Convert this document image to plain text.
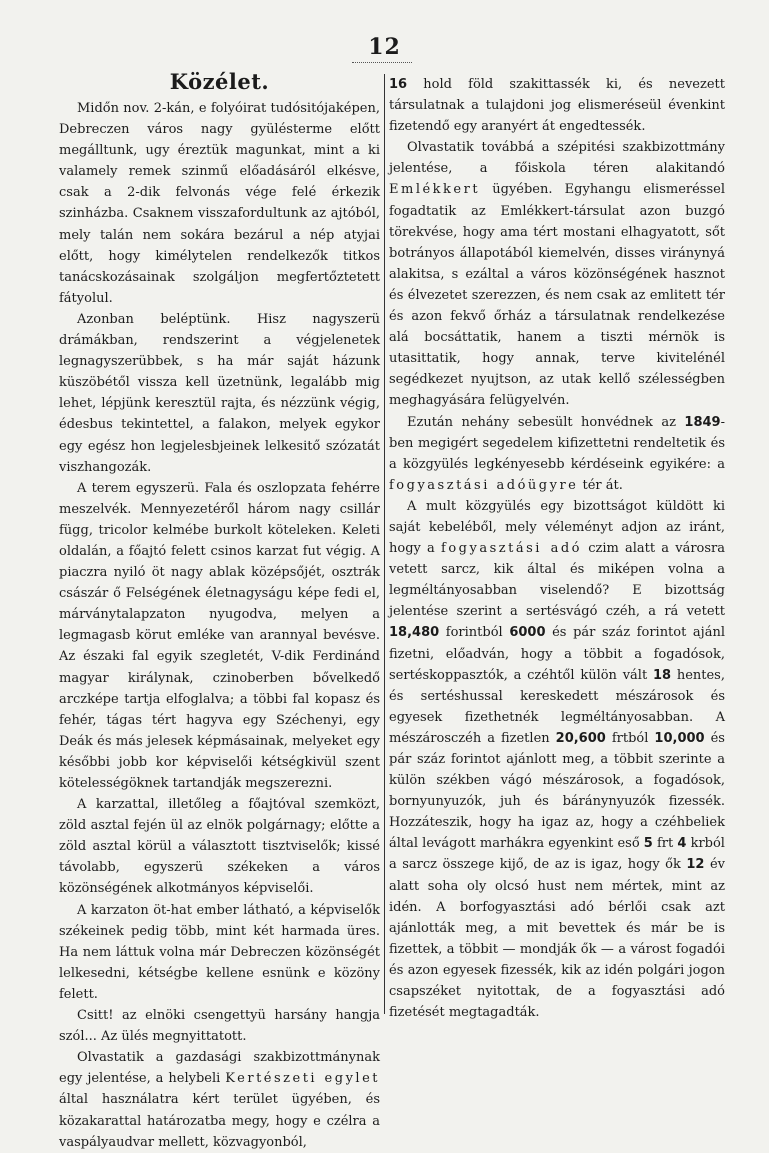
12
Közélet.

Midőn nov. 2-kán, e folyóirat tudósitójaképen, Debreczen város nagy gyülésterme előtt megálltunk, ugy éreztük magunkat, mint a ki valamely remek szinmű előadásáról elkésve, csak a 2-dik felvonás vége felé érkezik szinházba. Csaknem visszafordultunk az ajtóból, mely talán nem sokára bezárul a nép atyjai előtt, hogy kimélytelen rendelkezők titkos tanácskozásainak szolgáljon megfertőztetett fátyolul.

Azonban beléptünk. Hisz nagyszerü drámákban, rendszerint a végjelenetek legnagyszerübbek, s ha már saját házunk küszöbétől vissza kell üzetnünk, legalább mig lehet, lépjünk keresztül rajta, és nézzünk végig, édesbus tekintettel, a falakon, melyek egykor egy egész hon legjelesbjeinek lelkesitő szózatát viszhangozák.

A terem egyszerü. Fala és oszlopzata fehérre meszelvék. Mennyezetéről három nagy csillár függ, tricolor kelmébe burkolt köteleken. Keleti oldalán, a főajtó felett csinos karzat fut végig. A piaczra nyiló öt nagy ablak középsőjét, osztrák császár ő Felségének életnagyságu képe fedi el, márványtalapzaton nyugodva, melyen a legmagasb körut emléke van arannyal bevésve. Az északi fal egyik szegletét, V-dik Ferdinánd magyar királynak, czinoberben bővelkedő arczképe tartja elfoglalva; a többi fal kopasz és fehér, tágas tért hagyva egy Széchenyi, egy Deák és más jelesek képmásainak, melyeket egy későbbi jobb kor képviselői kétségkivül szent kötelességöknek tartandják megszerezni.

A karzattal, illetőleg a főajtóval szemközt, zöld asztal fején ül az elnök polgárnagy; előtte a zöld asztal körül a választott tisztviselők; kissé távolabb, egyszerü székeken a város közönségének alkotmányos képviselői.

A karzaton öt-hat ember látható, a képviselők székeinek pedig több, mint két harmada üres. Ha nem láttuk volna már Debreczen közönségét lelkesedni, kétségbe kellene esnünk e közöny felett.

Csitt! az elnöki csengettyü harsány hangja szól... Az ülés megnyittatott.

Olvastatik a gazdasági szakbizottmánynak egy jelentése, a helybeli Kertészeti egylet által használatra kért terület ügyében, és közakarattal határozatba megy, hogy e czélra a vaspályaudvar mellett, közvagyonból,

16 hold föld szakittassék ki, és nevezett társulatnak a tulajdoni jog elismeréseül évenkint fizetendő egy aranyért át engedtessék.

Olvastatik továbbá a szépitési szakbizottmány jelentése, a főiskola téren alakitandó Emlékkert ügyében. Egyhangu elismeréssel fogadtatik az Emlékkert-társulat azon buzgó törekvése, hogy ama tért mostani elhagyatott, sőt botrányos állapotából kiemelvén, disses viránynyá alakitsa, s ezáltal a város közönségének hasznot és élvezetet szerezzen, és nem csak az emlitett tér és azon fekvő őrház a társulatnak rendelkezése alá bocsáttatik, hanem a tiszti mérnök is utasittatik, hogy annak, terve kivitelénél segédkezet nyujtson, az utak kellő szélességben meghagyására felügyelvén.

Ezután nehány sebesült honvédnek az 1849-ben megigért segedelem kifizettetni rendeltetik és a közgyülés legkényesebb kérdéseink egyikére: a fogyasztási adóügyre tér át.

A mult közgyülés egy bizottságot küldött ki saját kebeléből, mely véleményt adjon az iránt, hogy a fogyasztási adó czim alatt a városra vetett sarcz, kik által és miképen volna a legméltányosabban viselendő? E bizottság jelentése szerint a sertésvágó czéh, a rá vetett 18,480 forintból 6000 és pár száz forintot ajánl fizetni, előadván, hogy a többit a fogadósok, sertéskoppasztók, a czéhtől külön vált 18 hentes, és sertéshussal kereskedett mészárosok és egyesek fizethetnék legméltányosabban. A mészárosczéh a fizetlen 20,600 frtból 10,000 és pár száz forintot ajánlott meg, a többit szerinte a külön székben vágó mészárosok, a fogadósok, bornyunyuzók, juh és báránynyuzók fizessék. Hozzáteszik, hogy ha igaz az, hogy a czéhbeliek által levágott marhákra egyenkint eső 5 frt 4 krból a sarcz összege kijő, de az is igaz, hogy ők 12 év alatt soha oly olcsó hust nem mértek, mint az idén. A borfogyasztási adó bérlői csak azt ajánlották meg, a mit bevettek és már be is fizettek, a többit — mondják ők — a várost fogadói és azon egyesek fizessék, kik az idén polgári jogon csapszéket nyitottak, de a fogyasztási adó fizetését megtagadták.
